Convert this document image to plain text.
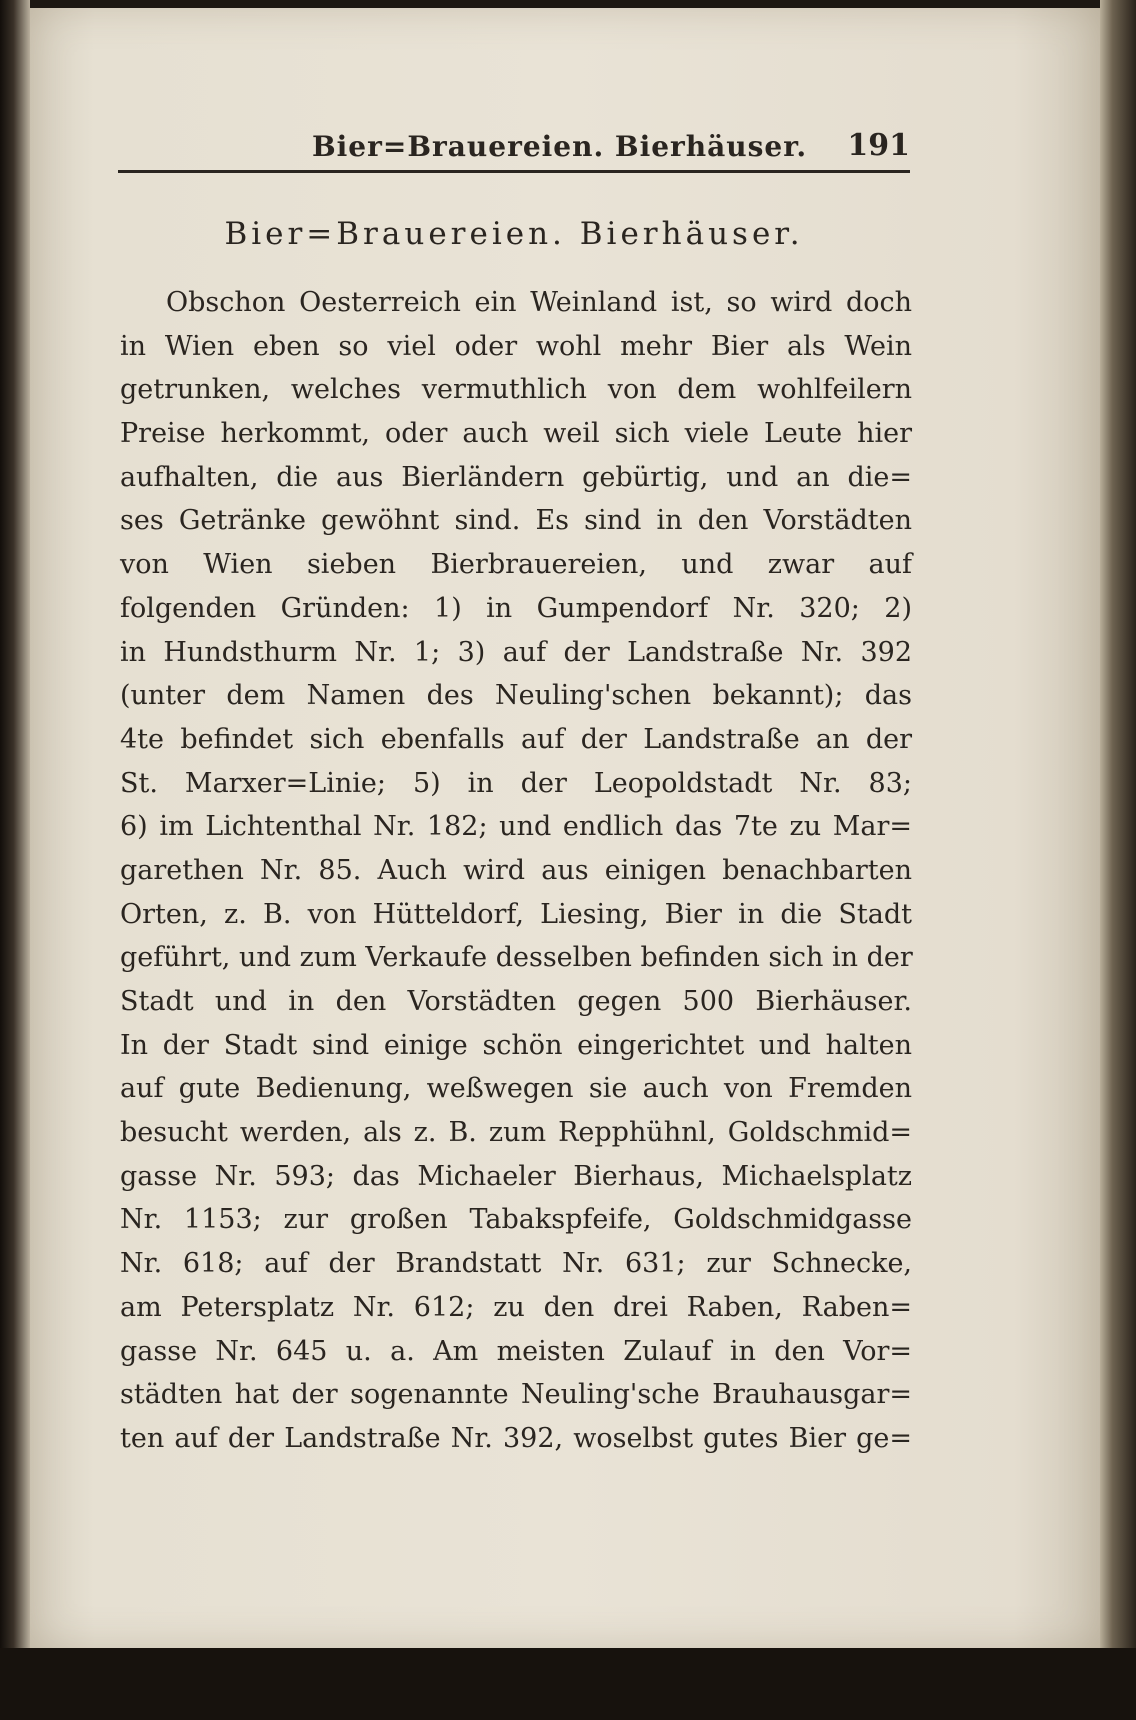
Bier=Brauereien. Bierhäuser. 191
Bier=Brauereien. Bierhäuser.
Obschon Oesterreich ein Weinland ist, so wird doch
in Wien eben so viel oder wohl mehr Bier als Wein
getrunken, welches vermuthlich von dem wohlfeilern
Preise herkommt, oder auch weil sich viele Leute hier
aufhalten, die aus Bierländern gebürtig, und an die=
ses Getränke gewöhnt sind. Es sind in den Vorstädten
von Wien sieben Bierbrauereien, und zwar auf
folgenden Gründen: 1) in Gumpendorf Nr. 320; 2)
in Hundsthurm Nr. 1; 3) auf der Landstraße Nr. 392
(unter dem Namen des Neuling'schen bekannt); das
4te befindet sich ebenfalls auf der Landstraße an der
St. Marxer=Linie; 5) in der Leopoldstadt Nr. 83;
6) im Lichtenthal Nr. 182; und endlich das 7te zu Mar=
garethen Nr. 85. Auch wird aus einigen benachbarten
Orten, z. B. von Hütteldorf, Liesing, Bier in die Stadt
geführt, und zum Verkaufe desselben befinden sich in der
Stadt und in den Vorstädten gegen 500 Bierhäuser.
In der Stadt sind einige schön eingerichtet und halten
auf gute Bedienung, weßwegen sie auch von Fremden
besucht werden, als z. B. zum Repphühnl, Goldschmid=
gasse Nr. 593; das Michaeler Bierhaus, Michaelsplatz
Nr. 1153; zur großen Tabakspfeife, Goldschmidgasse
Nr. 618; auf der Brandstatt Nr. 631; zur Schnecke,
am Petersplatz Nr. 612; zu den drei Raben, Raben=
gasse Nr. 645 u. a. Am meisten Zulauf in den Vor=
städten hat der sogenannte Neuling'sche Brauhausgar=
ten auf der Landstraße Nr. 392, woselbst gutes Bier ge=
